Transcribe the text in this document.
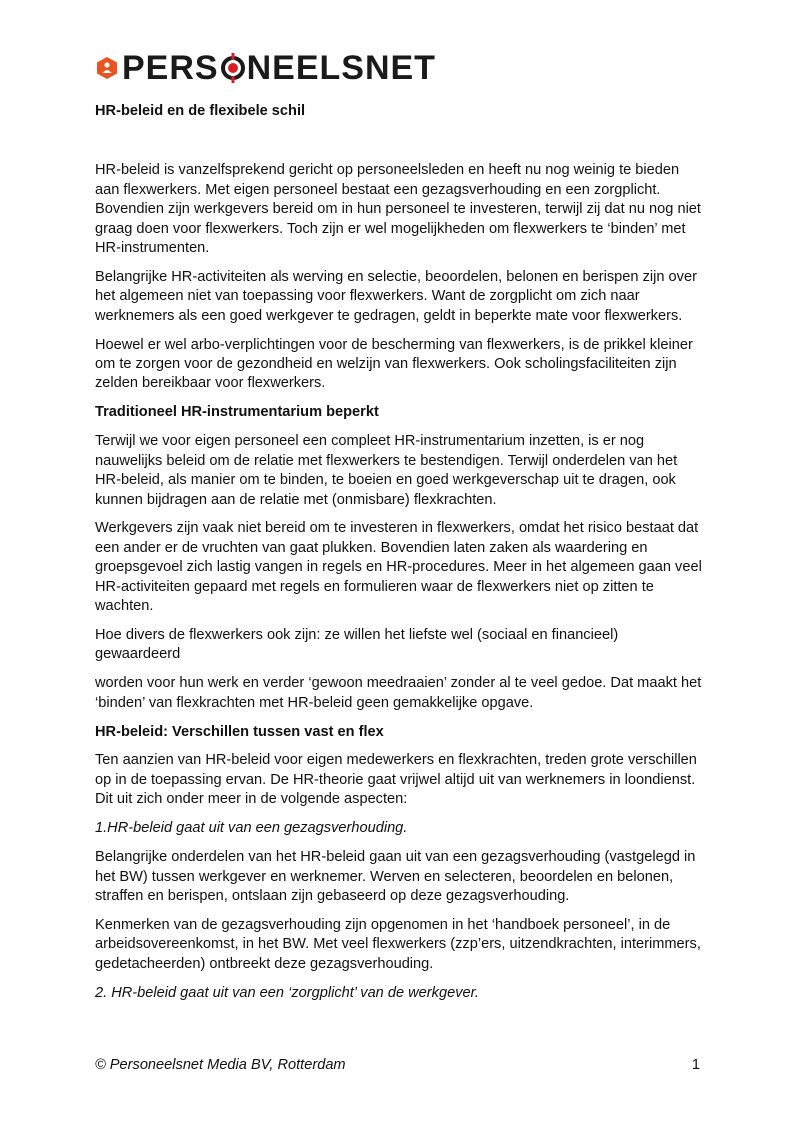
PERS NEELSNET
HR-beleid en de flexibele schil

HR-beleid is vanzelfsprekend gericht op personeelsleden en heeft nu nog weinig te bieden aan flexwerkers. Met eigen personeel bestaat een gezagsverhouding en een zorgplicht. Bovendien zijn werkgevers bereid om in hun personeel te investeren, terwijl zij dat nu nog niet graag doen voor flexwerkers. Toch zijn er wel mogelijkheden om flexwerkers te ‘binden’ met HR-instrumenten.

Belangrijke HR-activiteiten als werving en selectie, beoordelen, belonen en berispen zijn over het algemeen niet van toepassing voor flexwerkers. Want de zorgplicht om zich naar werknemers als een goed werkgever te gedragen, geldt in beperkte mate voor flexwerkers.

Hoewel er wel arbo-verplichtingen voor de bescherming van flexwerkers, is de prikkel kleiner om te zorgen voor de gezondheid en welzijn van flexwerkers. Ook scholingsfaciliteiten zijn zelden bereikbaar voor flexwerkers.

Traditioneel HR-instrumentarium beperkt

Terwijl we voor eigen personeel een compleet HR-instrumentarium inzetten, is er nog nauwelijks beleid om de relatie met flexwerkers te bestendigen. Terwijl onderdelen van het HR-beleid, als manier om te binden, te boeien en goed werkgeverschap uit te dragen, ook kunnen bijdragen aan de relatie met (onmisbare) flexkrachten.

Werkgevers zijn vaak niet bereid om te investeren in flexwerkers, omdat het risico bestaat dat een ander er de vruchten van gaat plukken. Bovendien laten zaken als waardering en groepsgevoel zich lastig vangen in regels en HR-procedures. Meer in het algemeen gaan veel HR-activiteiten gepaard met regels en formulieren waar de flexwerkers niet op zitten te wachten.

Hoe divers de flexwerkers ook zijn: ze willen het liefste wel (sociaal en financieel) gewaardeerd

worden voor hun werk en verder ‘gewoon meedraaien’ zonder al te veel gedoe. Dat maakt het ‘binden’ van flexkrachten met HR-beleid geen gemakkelijke opgave.

HR-beleid: Verschillen tussen vast en flex

Ten aanzien van HR-beleid voor eigen medewerkers en flexkrachten, treden grote verschillen op in de toepassing ervan. De HR-theorie gaat vrijwel altijd uit van werknemers in loondienst. Dit uit zich onder meer in de volgende aspecten:

1.HR-beleid gaat uit van een gezagsverhouding.

Belangrijke onderdelen van het HR-beleid gaan uit van een gezagsverhouding (vastgelegd in het BW) tussen werkgever en werknemer. Werven en selecteren, beoordelen en belonen, straffen en berispen, ontslaan zijn gebaseerd op deze gezagsverhouding.

Kenmerken van de gezagsverhouding zijn opgenomen in het ‘handboek personeel’, in de arbeidsovereenkomst, in het BW. Met veel flexwerkers (zzp’ers, uitzendkrachten, interimmers, gedetacheerden) ontbreekt deze gezagsverhouding.

2. HR-beleid gaat uit van een ‘zorgplicht’ van de werkgever.

© Personeelsnet Media BV, Rotterdam	1
